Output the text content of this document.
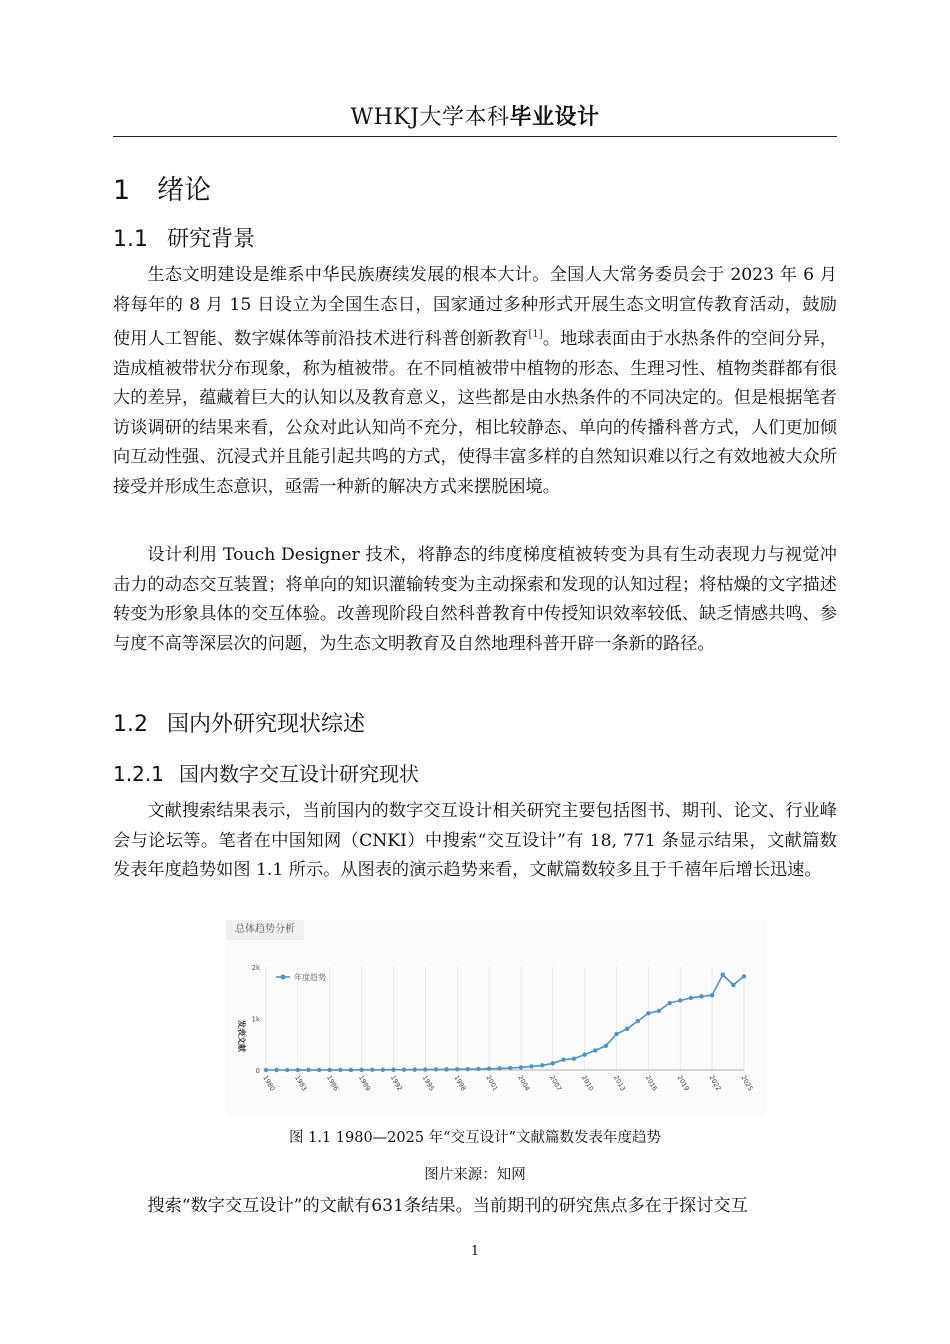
WHKJ大学本科毕业设计
1 绪论
1.1 研究背景

生态文明建设是维系中华民族赓续发展的根本大计。全国人大常务委员会于 2023 年 6 月将每年的 8 月 15 日设立为全国生态日，国家通过多种形式开展生态文明宣传教育活动，鼓励使用人工智能、数字媒体等前沿技术进行科普创新教育[1]。地球表面由于水热条件的空间分异，造成植被带状分布现象，称为植被带。在不同植被带中植物的形态、生理习性、植物类群都有很大的差异，蕴藏着巨大的认知以及教育意义，这些都是由水热条件的不同决定的。但是根据笔者访谈调研的结果来看，公众对此认知尚不充分，相比较静态、单向的传播科普方式，人们更加倾向互动性强、沉浸式并且能引起共鸣的方式，使得丰富多样的自然知识难以行之有效地被大众所接受并形成生态意识，亟需一种新的解决方式来摆脱困境。

设计利用 Touch Designer 技术，将静态的纬度梯度植被转变为具有生动表现力与视觉冲击力的动态交互装置；将单向的知识灌输转变为主动探索和发现的认知过程；将枯燥的文字描述转变为形象具体的交互体验。改善现阶段自然科普教育中传授知识效率较低、缺乏情感共鸣、参与度不高等深层次的问题，为生态文明教育及自然地理科普开辟一条新的路径。

1.2 国内外研究现状综述
1.2.1 国内数字交互设计研究现状

文献搜索结果表示，当前国内的数字交互设计相关研究主要包括图书、期刊、论文、行业峰会与论坛等。笔者在中国知网（CNKI）中搜索“交互设计”有 18, 771 条显示结果，文献篇数发表年度趋势如图 1.1 所示。从图表的演示趋势来看，文献篇数较多且于千禧年后增长迅速。

总体趋势分析
0
1k
2k
1980	1983	1986	1989	1992	1995	1998	2001	2004	2007	2010	2013	2016	2019	2022	2025
年度趋势
发表文献
图 1.1 1980—2025 年“交互设计”文献篇数发表年度趋势
图片来源：知网

搜索“数字交互设计”的文献有631条结果。当前期刊的研究焦点多在于探讨交互

1
